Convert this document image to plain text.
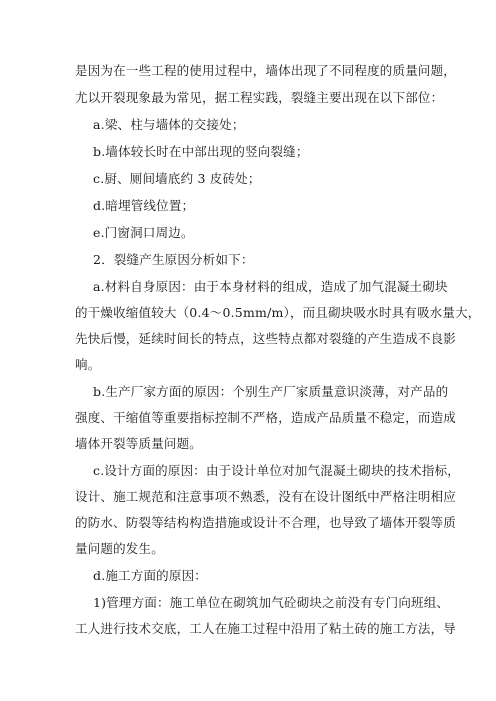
是因为在一些工程的使用过程中，墙体出现了不同程度的质量问题，
尤以开裂现象最为常见，据工程实践，裂缝主要出现在以下部位：
a.梁、柱与墙体的交接处；
b.墙体较长时在中部出现的竖向裂缝；
c.厨、厕间墙底约 3 皮砖处；
d.暗埋管线位置；
e.门窗洞口周边。
2．裂缝产生原因分析如下：
a.材料自身原因：由于本身材料的组成，造成了加气混凝土砌块
的干燥收缩值较大（0.4～0.5mm/m），而且砌块吸水时具有吸水量大，
先快后慢，延续时间长的特点，这些特点都对裂缝的产生造成不良影
响。
b.生产厂家方面的原因：个别生产厂家质量意识淡薄，对产品的
强度、干缩值等重要指标控制不严格，造成产品质量不稳定，而造成
墙体开裂等质量问题。
c.设计方面的原因：由于设计单位对加气混凝土砌块的技术指标，
设计、施工规范和注意事项不熟悉，没有在设计图纸中严格注明相应
的防水、防裂等结构构造措施或设计不合理，也导致了墙体开裂等质
量问题的发生。
d.施工方面的原因：
1)管理方面：施工单位在砌筑加气砼砌块之前没有专门向班组、
工人进行技术交底，工人在施工过程中沿用了粘土砖的施工方法，导
